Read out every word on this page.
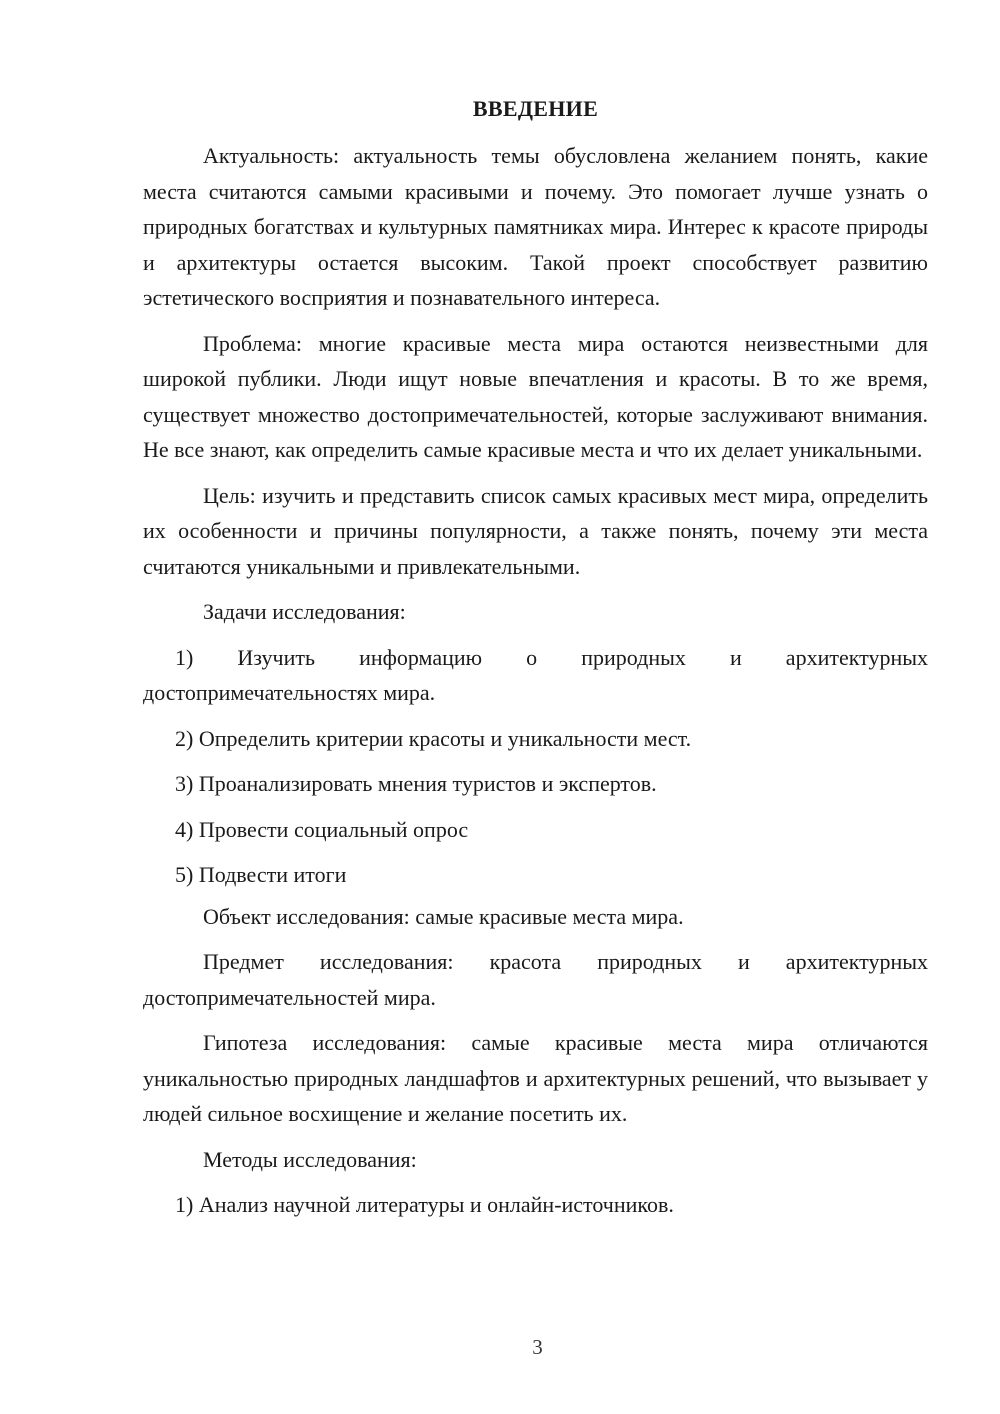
ВВЕДЕНИЕ

Актуальность: актуальность темы обусловлена желанием понять, какие места считаются самыми красивыми и почему. Это помогает лучше узнать о природных богатствах и культурных памятниках мира. Интерес к красоте природы и архитектуры остается высоким. Такой проект способствует развитию эстетического восприятия и познавательного интереса.

Проблема: многие красивые места мира остаются неизвестными для широкой публики. Люди ищут новые впечатления и красоты. В то же время, существует множество достопримечательностей, которые заслуживают внимания. Не все знают, как определить самые красивые места и что их делает уникальными.

Цель: изучить и представить список самых красивых мест мира, определить их особенности и причины популярности, а также понять, почему эти места считаются уникальными и привлекательными.

Задачи исследования:

1) Изучить информацию о природных и архитектурных достопримечательностях мира.

2) Определить критерии красоты и уникальности мест.

3) Проанализировать мнения туристов и экспертов.

4) Провести социальный опрос

5) Подвести итоги

Объект исследования: самые красивые места мира.

Предмет исследования: красота природных и архитектурных достопримечательностей мира.

Гипотеза исследования: самые красивые места мира отличаются уникальностью природных ландшафтов и архитектурных решений, что вызывает у людей сильное восхищение и желание посетить их.

Методы исследования:

1) Анализ научной литературы и онлайн-источников.

3
